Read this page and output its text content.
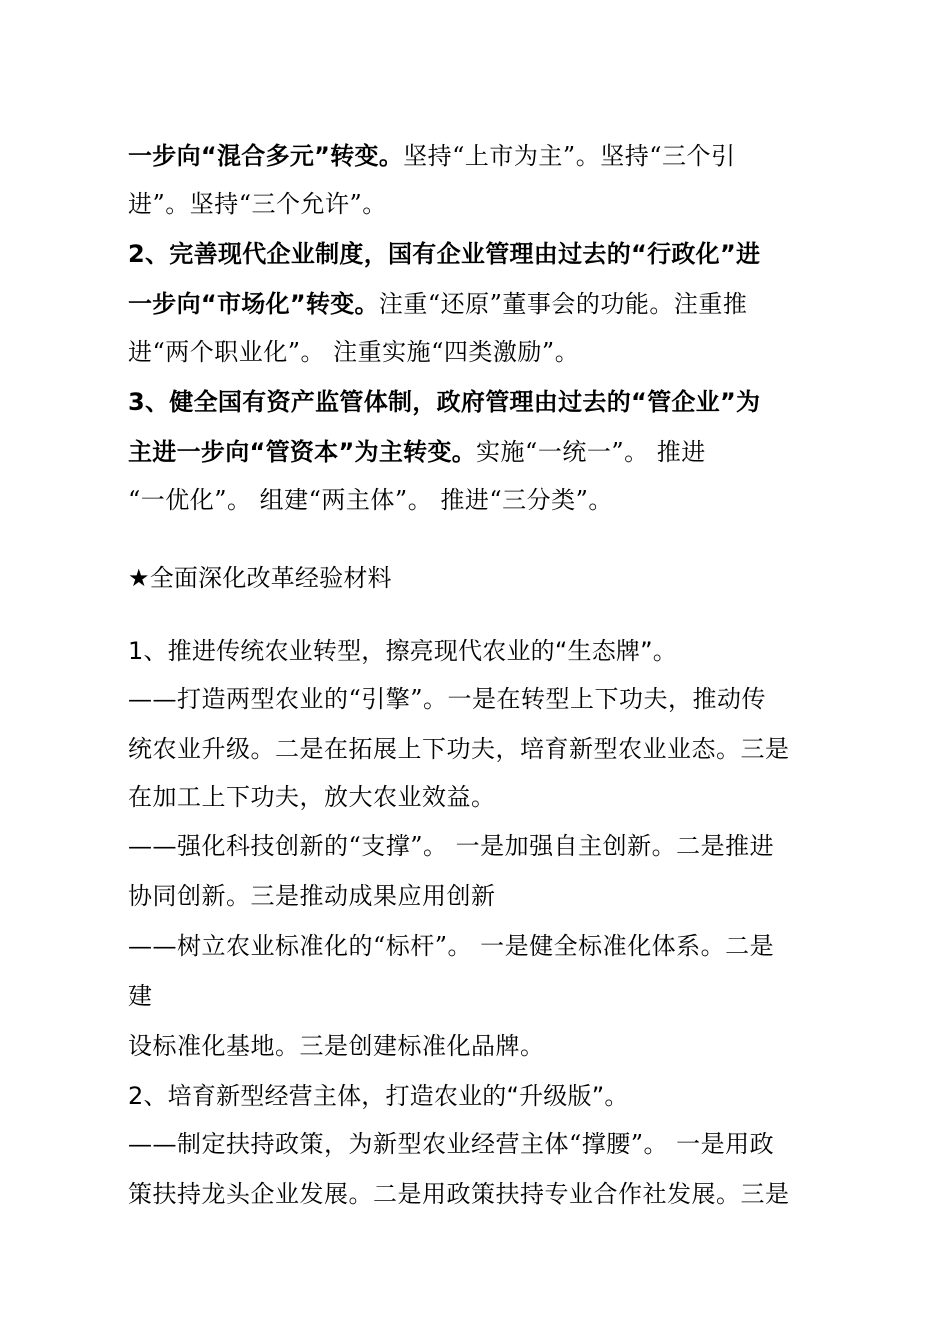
一步向“混合多元”转变。坚持“上市为主”。坚持“三个引
进”。坚持“三个允许”。
2、完善现代企业制度，国有企业管理由过去的“行政化”进
一步向“市场化”转变。注重“还原”董事会的功能。注重推
进“两个职业化”。 注重实施“四类激励”。
3、健全国有资产监管体制，政府管理由过去的“管企业”为
主进一步向“管资本”为主转变。实施“一统一”。 推进
“一优化”。 组建“两主体”。 推进“三分类”。
★全面深化改革经验材料
1、推进传统农业转型，擦亮现代农业的“生态牌”。
——打造两型农业的“引擎”。一是在转型上下功夫，推动传
统农业升级。二是在拓展上下功夫，培育新型农业业态。三是
在加工上下功夫，放大农业效益。
——强化科技创新的“支撑”。 一是加强自主创新。二是推进
协同创新。三是推动成果应用创新
——树立农业标准化的“标杆”。 一是健全标准化体系。二是
建
设标准化基地。三是创建标准化品牌。
2、培育新型经营主体，打造农业的“升级版”。
——制定扶持政策，为新型农业经营主体“撑腰”。 一是用政
策扶持龙头企业发展。二是用政策扶持专业合作社发展。三是
